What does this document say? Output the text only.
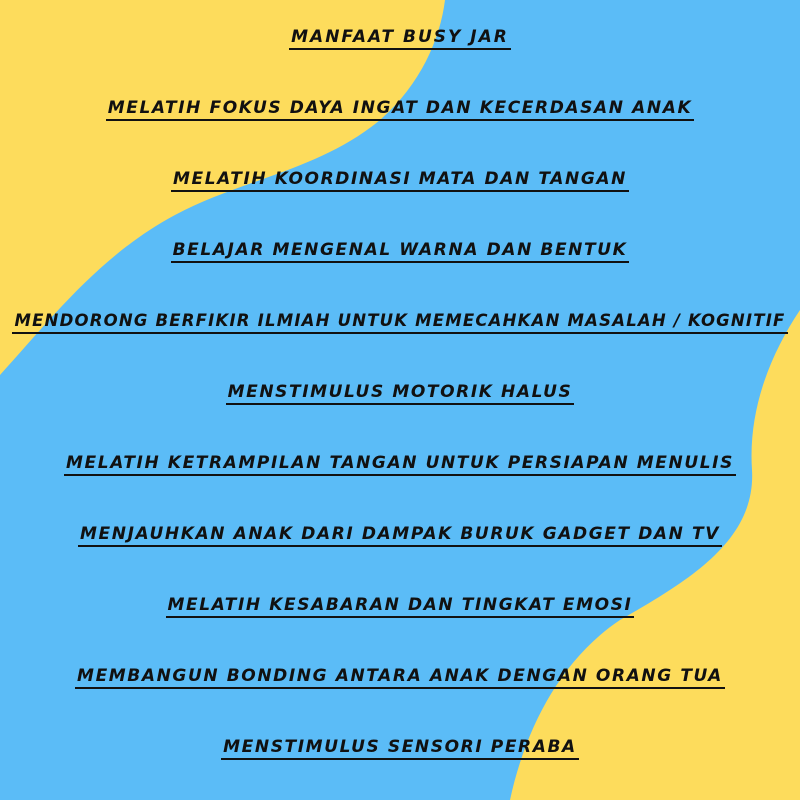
MANFAAT BUSY JAR
MELATIH FOKUS DAYA INGAT DAN KECERDASAN ANAK
MELATIH KOORDINASI MATA DAN TANGAN
BELAJAR MENGENAL WARNA DAN BENTUK
MENDORONG BERFIKIR ILMIAH UNTUK MEMECAHKAN MASALAH / KOGNITIF
MENSTIMULUS MOTORIK HALUS
MELATIH KETRAMPILAN TANGAN UNTUK PERSIAPAN MENULIS
MENJAUHKAN ANAK DARI DAMPAK BURUK GADGET DAN TV
MELATIH KESABARAN DAN TINGKAT EMOSI
MEMBANGUN BONDING ANTARA ANAK DENGAN ORANG TUA
MENSTIMULUS SENSORI PERABA
